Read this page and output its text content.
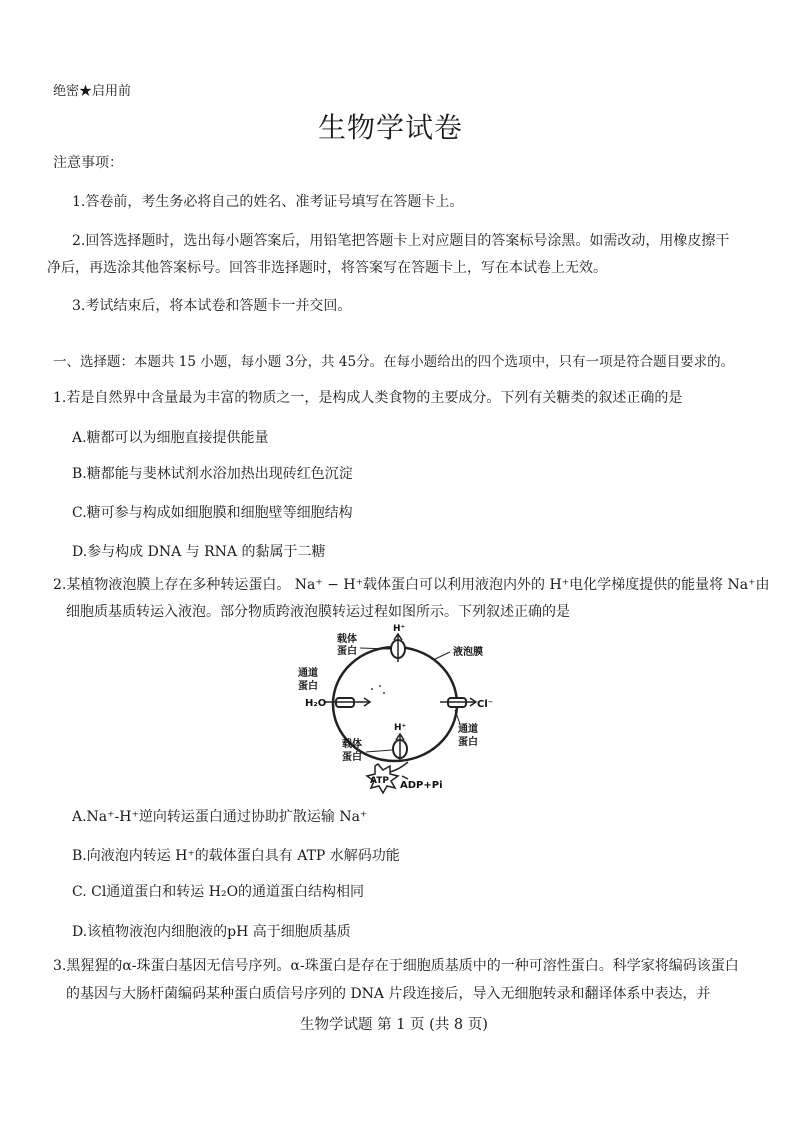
绝密★启用前
生物学试卷
注意事项：
1.答卷前，考生务必将自己的姓名、准考证号填写在答题卡上。
2.回答选择题时，选出每小题答案后，用铅笔把答题卡上对应题目的答案标号涂黑。如需改动，用橡皮擦干
净后，再选涂其他答案标号。回答非选择题时，将答案写在答题卡上，写在本试卷上无效。
3.考试结束后，将本试卷和答题卡一并交回。
一、选择题：本题共 15 小题，每小题 3分，共 45分。在每小题给出的四个选项中，只有一项是符合题目要求的。
1.若是自然界中含量最为丰富的物质之一，是构成人类食物的主要成分。下列有关糖类的叙述正确的是
A.糖都可以为细胞直接提供能量
B.糖都能与斐林试剂水浴加热出现砖红色沉淀
C.糖可参与构成如细胞膜和细胞壁等细胞结构
D.参与构成 DNA 与 RNA 的黏属于二糖
2.某植物液泡膜上存在多种转运蛋白。 Na⁺ − H⁺载体蛋白可以利用液泡内外的 H⁺电化学梯度提供的能量将 Na⁺由
细胞质基质转运入液泡。部分物质跨液泡膜转运过程如图所示。下列叙述正确的是
H⁺
载体
蛋白	液泡膜
通道
蛋白
H₂O	Cl⁻
通道
蛋白
H⁺
载体
蛋白
ATP ADP+Pi
A.Na⁺-H⁺逆向转运蛋白通过协助扩散运输 Na⁺
B.向液泡内转运 H⁺的载体蛋白具有 ATP 水解码功能
C. Cl通道蛋白和转运 H₂O的通道蛋白结构相同
D.该植物液泡内细胞液的pH 高于细胞质基质
3.黑猩猩的α-珠蛋白基因无信号序列。α-珠蛋白是存在于细胞质基质中的一种可溶性蛋白。科学家将编码该蛋白
的基因与大肠杆菌编码某种蛋白质信号序列的 DNA 片段连接后，导入无细胞转录和翻译体系中表达，并
生物学试题 第 1 页 (共 8 页)
